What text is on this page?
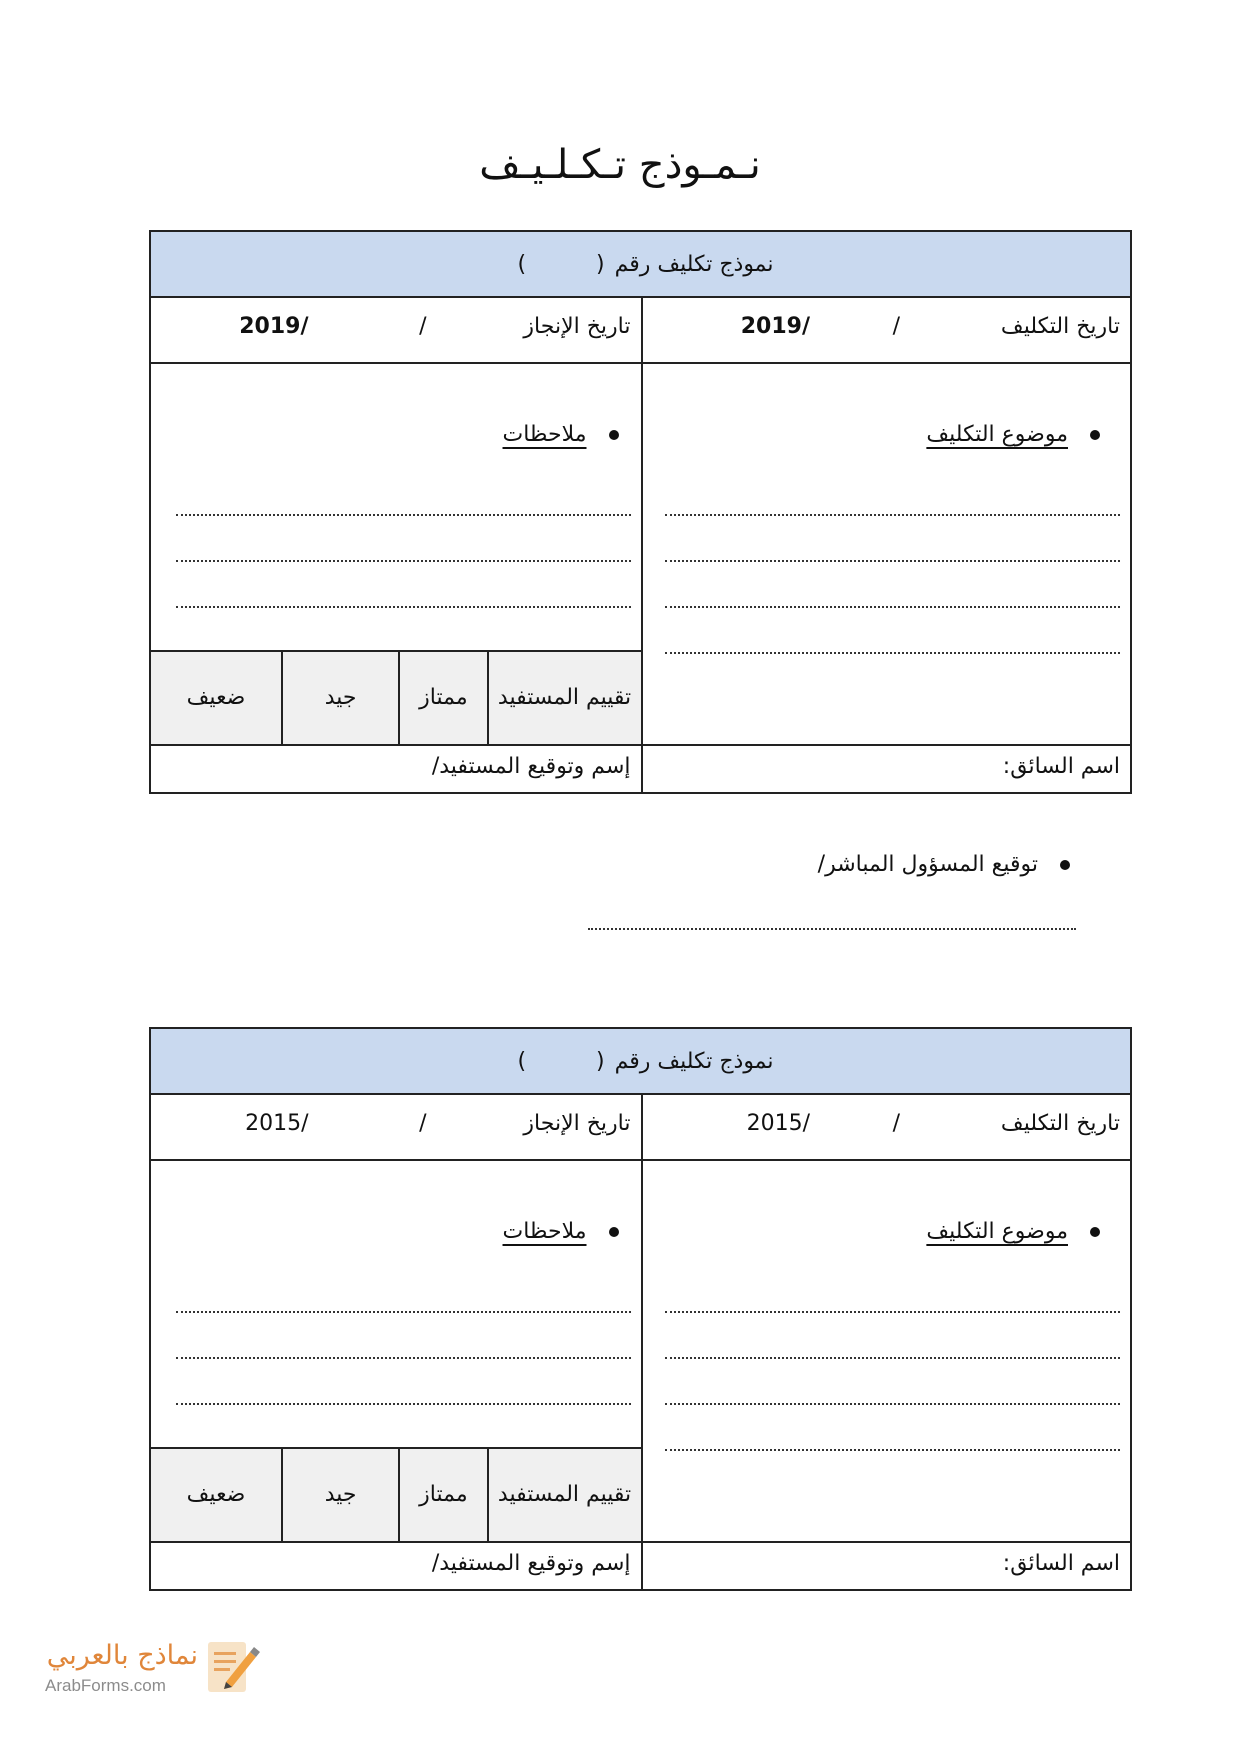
نـمـوذج تـكـلـيـف
نموذج تكليف رقم
(          )
تاريخ التكليف
/
2019/
تاريخ الإنجاز
/
2019/
موضوع التكليف
ملاحظات
تقييم المستفيد
ممتاز
جيد
ضعيف
اسم السائق:
إسم وتوقيع المستفيد/
توقيع المسؤول المباشر/
نموذج تكليف رقم
(          )
تاريخ التكليف
/
2015/
تاريخ الإنجاز
/
2015/
موضوع التكليف
ملاحظات
تقييم المستفيد
ممتاز
جيد
ضعيف
اسم السائق:
إسم وتوقيع المستفيد/
نماذج بالعربي
ArabForms.com
